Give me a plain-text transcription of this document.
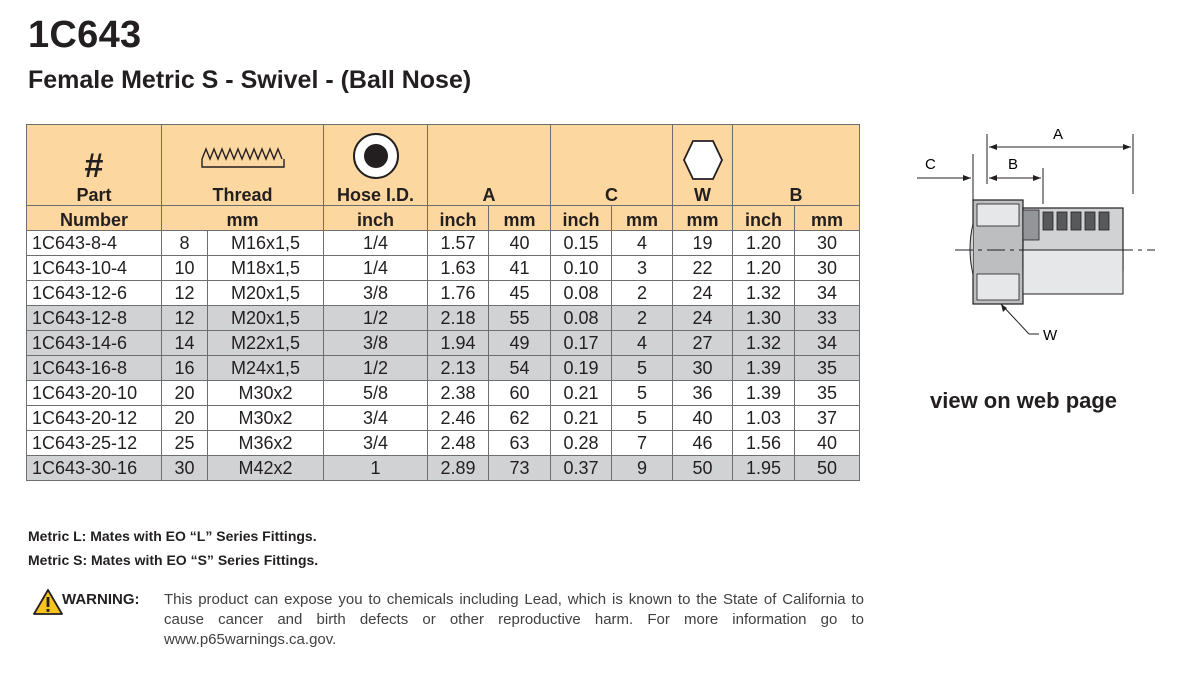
1C643
Female Metric S - Swivel - (Ball Nose)
#
Part	Thread		Hose I.D.	A		C		W	B	
Number	mm		inch	inch	mm	inch	mm	mm	inch	mm
1C643-8-4	8	M16x1,5	1/4	1.57	40	0.15	4	19	1.20	30
1C643-10-4	10	M18x1,5	1/4	1.63	41	0.10	3	22	1.20	30
1C643-12-6	12	M20x1,5	3/8	1.76	45	0.08	2	24	1.32	34
1C643-12-8	12	M20x1,5	1/2	2.18	55	0.08	2	24	1.30	33
1C643-14-6	14	M22x1,5	3/8	1.94	49	0.17	4	27	1.32	34
1C643-16-8	16	M24x1,5	1/2	2.13	54	0.19	5	30	1.39	35
1C643-20-10	20	M30x2	5/8	2.38	60	0.21	5	36	1.39	35
1C643-20-12	20	M30x2	3/4	2.46	62	0.21	5	40	1.03	37
1C643-25-12	25	M36x2	3/4	2.48	63	0.28	7	46	1.56	40
1C643-30-16	30	M42x2	1	2.89	73	0.37	9	50	1.95	50
A
B
C
W
view on web page
Metric L: Mates with EO “L” Series Fittings.
Metric S: Mates with EO “S” Series Fittings.
WARNING: This product can expose you to chemicals including Lead, which is known to the State of California to cause cancer and birth defects or other reproductive harm. For more information go to www.p65warnings.ca.gov.
